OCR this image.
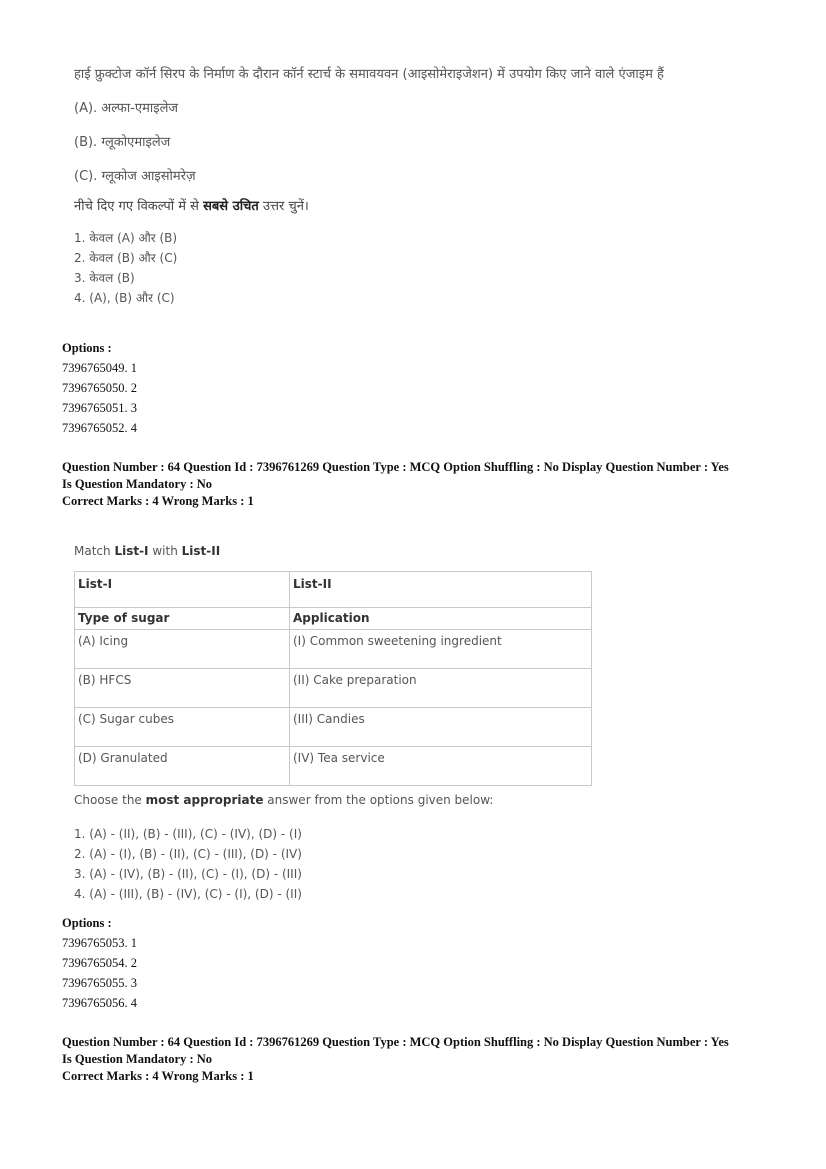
हाई फ्रुक्टोज कॉर्न सिरप के निर्माण के दौरान कॉर्न स्टार्च के समावयवन (आइसोमेराइजेशन) में उपयोग किए जाने वाले एंजाइम हैं
(A). अल्फा-एमाइलेज
(B). ग्लूकोएमाइलेज
(C). ग्लूकोज आइसोमरेज़
नीचे दिए गए विकल्पों में से सबसे उचित उत्तर चुनें।
1. केवल (A) और (B)
2. केवल (B) और (C)
3. केवल (B)
4. (A), (B) और (C)
Options :
7396765049. 1
7396765050. 2
7396765051. 3
7396765052. 4
Question Number : 64 Question Id : 7396761269 Question Type : MCQ Option Shuffling : No Display Question Number : Yes
Is Question Mandatory : No
Correct Marks : 4 Wrong Marks : 1
Match List-I with List-II
List-I	List-II
Type of sugar	Application
(A) Icing	(I) Common sweetening ingredient
(B) HFCS	(II) Cake preparation
(C) Sugar cubes	(III) Candies
(D) Granulated	(IV) Tea service
Choose the most appropriate answer from the options given below:
1. (A) - (II), (B) - (III), (C) - (IV), (D) - (I)
2. (A) - (I), (B) - (II), (C) - (III), (D) - (IV)
3. (A) - (IV), (B) - (II), (C) - (I), (D) - (III)
4. (A) - (III), (B) - (IV), (C) - (I), (D) - (II)
Options :
7396765053. 1
7396765054. 2
7396765055. 3
7396765056. 4
Question Number : 64 Question Id : 7396761269 Question Type : MCQ Option Shuffling : No Display Question Number : Yes
Is Question Mandatory : No
Correct Marks : 4 Wrong Marks : 1
